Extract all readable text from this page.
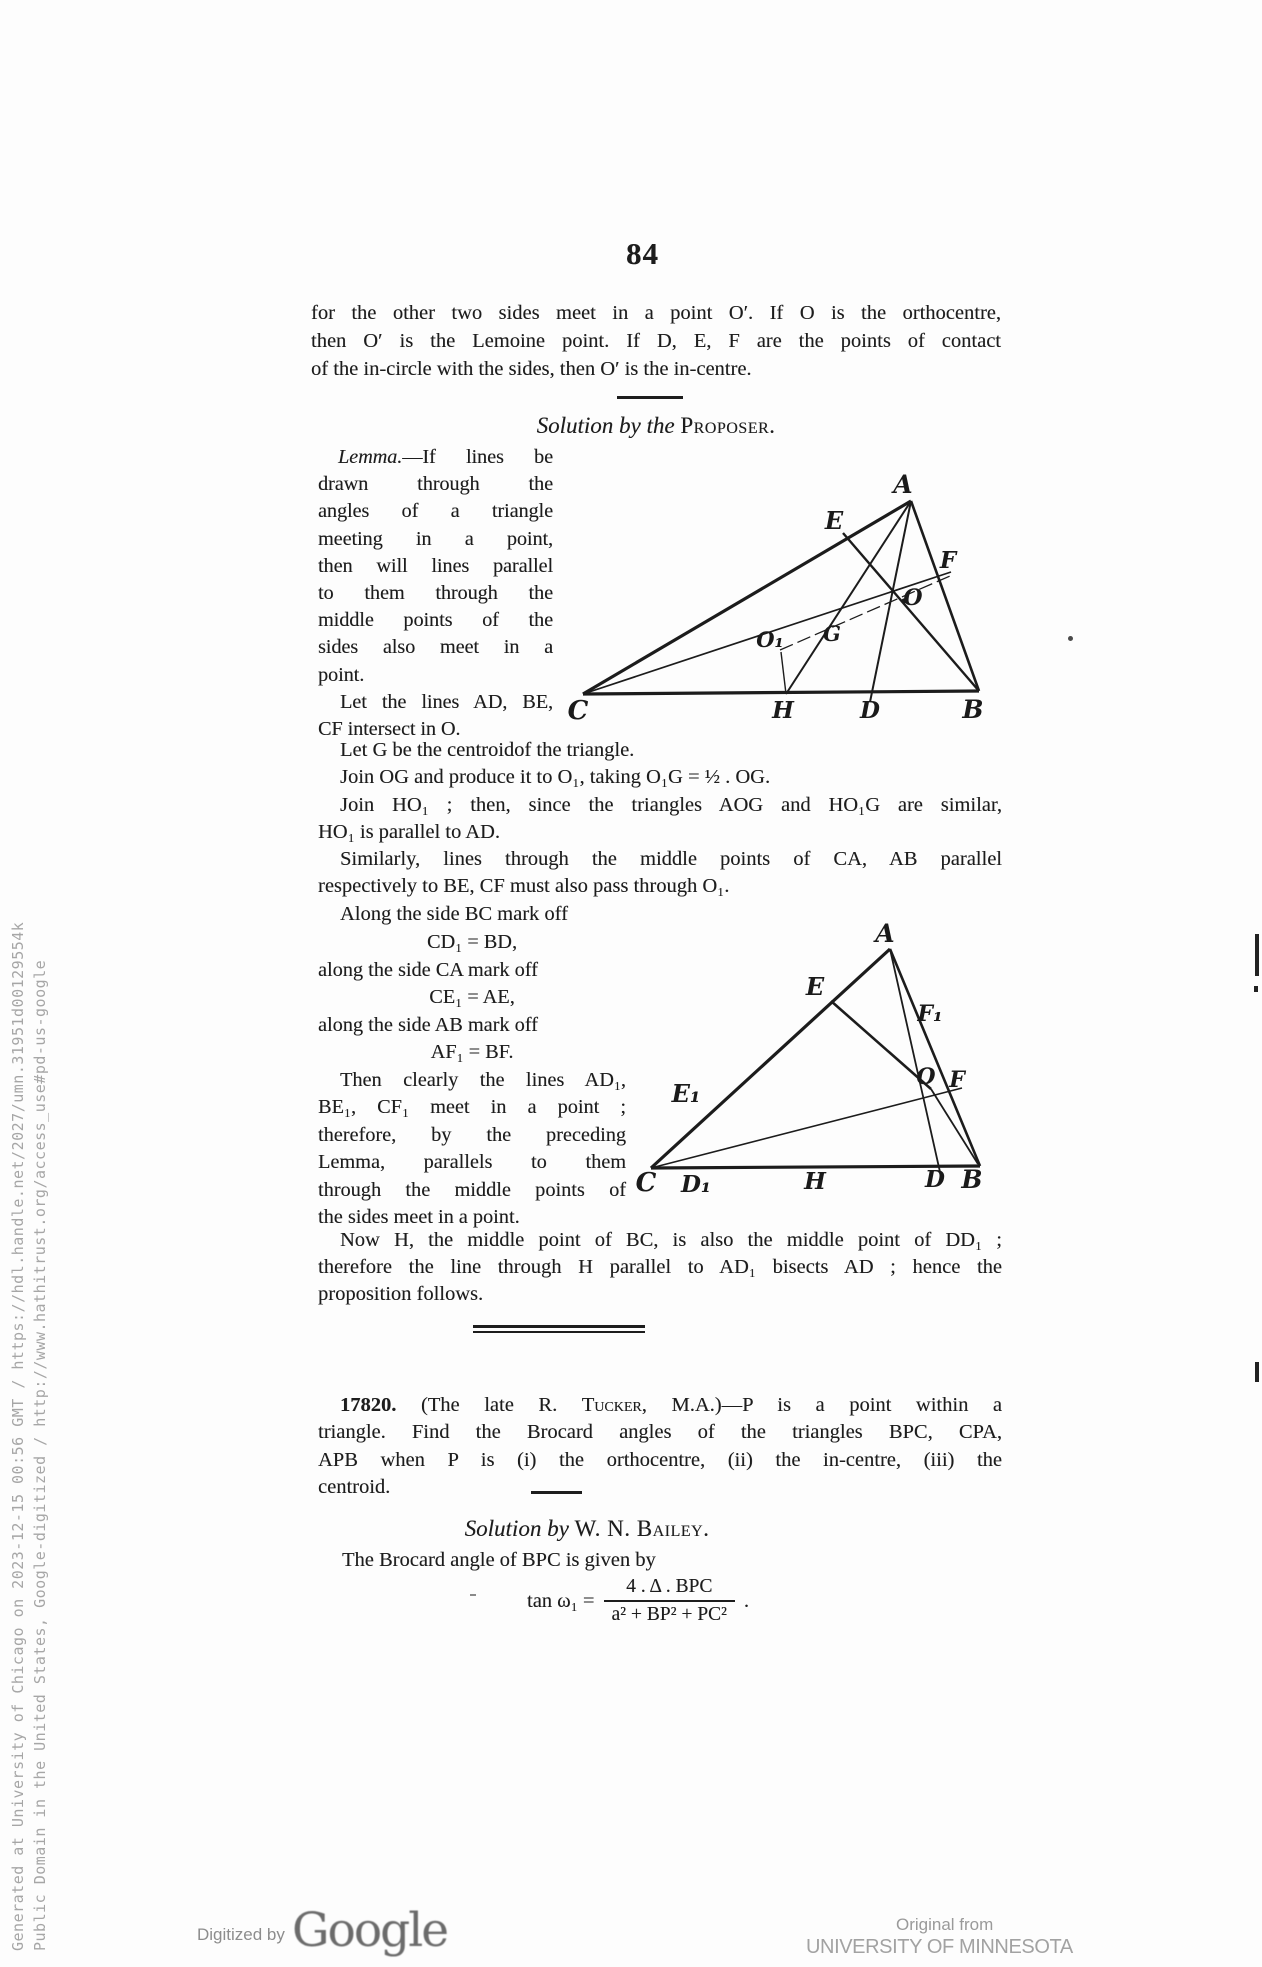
Generated at University of Chicago on 2023-12-15 00:56 GMT / https://hdl.handle.net/2027/umn.31951d00129554k Public Domain in the United States, Google-digitized / http://www.hathitrust.org/access_use#pd-us-google
84
for the other two sides meet in a point O′. If O is the orthocentre,
then O′ is the Lemoine point. If D, E, F are the points of contact
of the in-circle with the sides, then O′ is the in-centre.
Solution by the Proposer.
Lemma.—If lines be
drawn through the
angles of a triangle
meeting in a point,
then will lines parallel
to them through the
middle points of the
sides also meet in a
point.
Let the lines AD, BE,
CF intersect in O.
A
E
F
O
G
O₁
H	D
C	B
Let G be the centroidof the triangle.
Join OG and produce it to O₁, taking O₁G = ½ . OG.
Join HO₁ ; then, since the triangles AOG and HO₁G are similar,
HO₁ is parallel to AD.
Similarly, lines through the middle points of CA, AB parallel
respectively to BE, CF must also pass through O₁.
Along the side BC mark off
CD₁ = BD,
along the side CA mark off
CE₁ = AE,
along the side AB mark off
AF₁ = BF.
Then clearly the lines AD₁,
BE₁, CF₁ meet in a point ;
therefore, by the preceding
Lemma, parallels to them
through the middle points of
the sides meet in a point.
A
E
F₁
E₁
O F
C D₁	H	D B
Now H, the middle point of BC, is also the middle point of DD₁ ;
therefore the line through H parallel to AD₁ bisects AD ; hence the
proposition follows.
17820. (The late R. Tucker, M.A.)—P is a point within a
triangle. Find the Brocard angles of the triangles BPC, CPA,
APB when P is (i) the orthocentre, (ii) the in-centre, (iii) the
centroid.
Solution by W. N. Bailey.
The Brocard angle of BPC is given by
$\tan \omega_1 = \frac{\text{4 . Δ . BPC}}{\text{a² + BP² + PC²}}$ .
Digitized by Google	Original from
UNIVERSITY OF MINNESOTA
